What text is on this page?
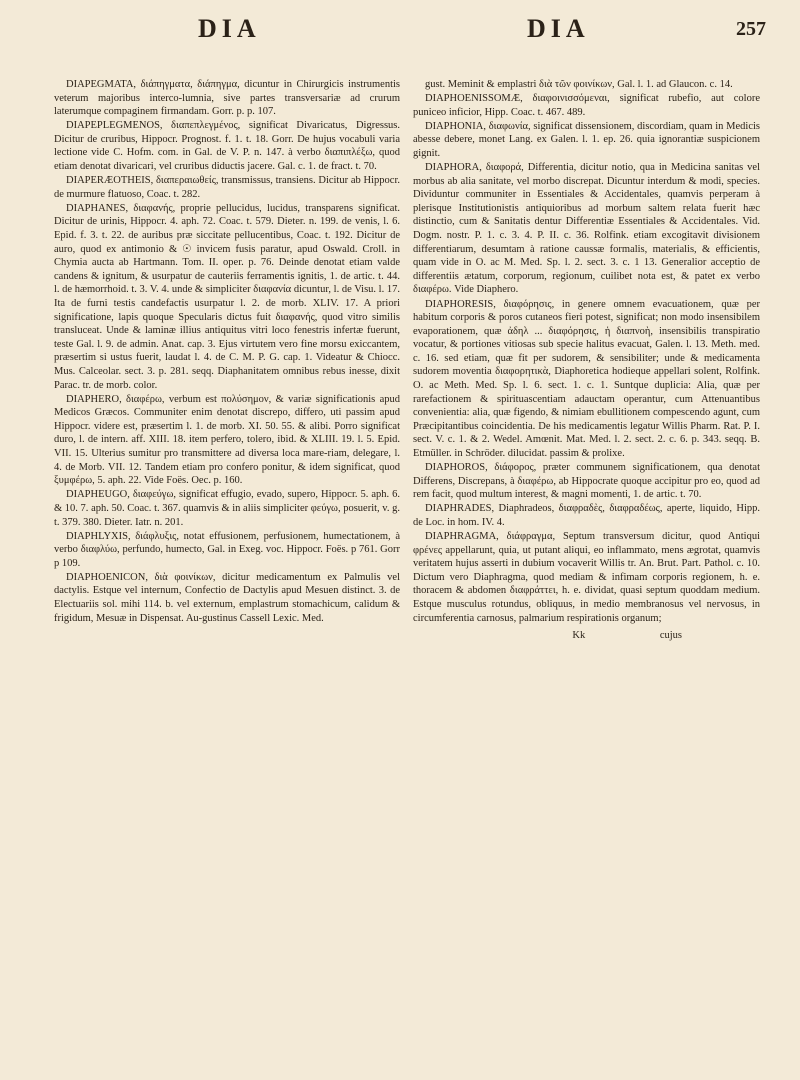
DIA	DIA	257

DIAPEGMATA, διάπηγματα, διάπηγμα, dicuntur in Chirurgicis instrumentis veterum majoribus interco-lumnia, sive partes transversariæ ad crurum laterumque compaginem firmandam. Gorr. p. p. 107.

DIAPEPLEGMENOS, διαπεπλεγμένος, significat Divaricatus, Digressus. Dicitur de cruribus, Hippocr. Prognost. f. 1. t. 18. Gorr. De hujus vocabuli varia lectione vide C. Hofm. com. in Gal. de V. P. n. 147. à verbo διαπιπλέξω, quod etiam denotat divaricari, vel cruribus diductis jacere. Gal. c. 1. de fract. t. 70.

DIAPERÆOTHEIS, διαπεραιωθείς, transmissus, transiens. Dicitur ab Hippocr. de murmure flatuoso, Coac. t. 282.

DIAPHANES, διαφανής, proprie pellucidus, lucidus, transparens significat. Dicitur de urinis, Hippocr. 4. aph. 72. Coac. t. 579. Dieter. n. 199. de venis, l. 6. Epid. f. 3. t. 22. de auribus præ siccitate pellucentibus, Coac. t. 192. Dicitur de auro, quod ex antimonio & ☉ invicem fusis paratur, apud Oswald. Croll. in Chymia aucta ab Hartmann. Tom. II. oper. p. 76. Deinde denotat etiam valde candens & ignitum, & usurpatur de cauteriis ferramentis ignitis, 1. de artic. t. 44. l. de hæmorrhoid. t. 3. V. 4. unde & simpliciter διαφανία dicuntur, l. de Visu. l. 17. Ita de furni testis candefactis usurpatur l. 2. de morb. XLIV. 17. A priori significatione, lapis quoque Specularis dictus fuit διαφανής, quod vitro similis transluceat. Unde & laminæ illius antiquitus vitri loco fenestris infertæ fuerunt, teste Gal. l. 9. de admin. Anat. cap. 3. Ejus virtutem vero fine morsu exiccantem, præsertim si ustus fuerit, laudat l. 4. de C. M. P. G. cap. 1. Videatur & Chiocc. Mus. Calceolar. sect. 3. p. 281. seqq. Diaphanitatem omnibus rebus inesse, dixit Parac. tr. de morb. color.

DIAPHERO, διαφέρω, verbum est πολύσημον, & variæ significationis apud Medicos Græcos. Communiter enim denotat discrepo, differo, uti passim apud Hippocr. videre est, præsertim l. 1. de morb. XI. 50. 55. & alibi. Porro significat duro, l. de intern. aff. XIII. 18. item perfero, tolero, ibid. & XLIII. 19. l. 5. Epid. VII. 15. Ulterius sumitur pro transmittere ad diversa loca mare-riam, delegare, l. 4. de Morb. VII. 12. Tandem etiam pro confero ponitur, & idem significat, quod ξυμφέρω, 5. aph. 22. Vide Foës. Oec. p. 160.

DIAPHEUGO, διαφεύγω, significat effugio, evado, supero, Hippocr. 5. aph. 6. & 10. 7. aph. 50. Coac. t. 367. quamvis & in aliis simpliciter φεύγω, posuerit, v. g. t. 379. 380. Dieter. Iatr. n. 201.

DIAPHLYXIS, διάφλυξις, notat effusionem, perfusionem, humectationem, à verbo διαφλύω, perfundo, humecto, Gal. in Exeg. voc. Hippocr. Foës. p 761. Gorr p 109.

DIAPHOENICON, διὰ φοινίκων, dicitur medicamentum ex Palmulis vel dactylis. Estque vel internum, Confectio de Dactylis apud Mesuen distinct. 3. de Electuariis sol. mihi 114. b. vel externum, emplastrum stomachicum, calidum & frigidum, Mesuæ in Dispensat. Au-gustinus Cassell Lexic. Med.

gust. Meminit & emplastri διὰ τῶν φοινίκων, Gal. l. 1. ad Glaucon. c. 14.

DIAPHOENISSOMÆ, διαφοινισσόμεναι, significat rubefio, aut colore puniceo inficior, Hipp. Coac. t. 467. 489.

DIAPHONIA, διαφωνία, significat dissensionem, discordiam, quam in Medicis abesse debere, monet Lang. ex Galen. l. 1. ep. 26. quia ignorantiæ suspicionem gignit.

DIAPHORA, διαφορά, Differentia, dicitur notio, qua in Medicina sanitas vel morbus ab alia sanitate, vel morbo discrepat. Dicuntur interdum & modi, species. Dividuntur communiter in Essentiales & Accidentales, quamvis perperam à plerisque Institutionistis antiquioribus ad morbum saltem relata fuerit hæc distinctio, cum & Sanitatis dentur Differentiæ Essentiales & Accidentales. Vid. Dogm. nostr. P. 1. c. 3. 4. P. II. c. 36. Rolfink. etiam excogitavit divisionem differentiarum, desumtam à ratione caussæ formalis, materialis, & efficientis, quam vide in O. ac M. Med. Sp. l. 2. sect. 3. c. 1 13. Generalior acceptio de differentiis ætatum, corporum, regionum, cuilibet nota est, & patet ex verbo διαφέρω. Vide Diaphero.

DIAPHORESIS, διαφόρησις, in genere omnem evacuationem, quæ per habitum corporis & poros cutaneos fieri potest, significat; non modo insensibilem evaporationem, quæ ἀδηλ ... διαφόρησις, ἡ διαπνοὴ, insensibilis transpiratio vocatur, & portiones vitiosas sub specie halitus evacuat, Galen. l. 13. Meth. med. c. 16. sed etiam, quæ fit per sudorem, & sensibiliter; unde & medicamenta sudorem moventia διαφορητικὰ, Diaphoretica hodieque appellari solent, Rolfink. O. ac Meth. Med. Sp. l. 6. sect. 1. c. 1. Suntque duplicia: Alia, quæ per rarefactionem & spirituascentiam adauctam operantur, cum Attenuantibus convenientia: alia, quæ figendo, & nimiam ebullitionem compescendo agunt, cum Præcipitantibus coincidentia. De his medicamentis legatur Willis Pharm. Rat. P. I. sect. V. c. 1. & 2. Wedel. Amœnit. Mat. Med. l. 2. sect. 2. c. 6. p. 343. seqq. B. Etmüller. in Schröder. dilucidat. passim & prolixe.

DIAPHOROS, διάφορος, præter communem significationem, qua denotat Differens, Discrepans, à διαφέρω, ab Hippocrate quoque accipitur pro eo, quod ad rem facit, quod multum interest, & magni momenti, 1. de artic. t. 70.

DIAPHRADES, Diaphradeos, διαφραδὲς, διαφραδέως, aperte, liquido, Hipp. de Loc. in hom. IV. 4.

DIAPHRAGMA, διάφραγμα, Septum transversum dicitur, quod Antiqui φρένες appellarunt, quia, ut putant aliqui, eo inflammato, mens ægrotat, quamvis veritatem hujus asserti in dubium vocaverit Willis tr. An. Brut. Part. Pathol. c. 10. Dictum vero Diaphragma, quod mediam & infimam corporis regionem, h. e. thoracem & abdomen διαφράττει, h. e. dividat, quasi septum quoddam medium. Estque musculus rotundus, obliquus, in medio membranosus vel nervosus, in circumferentia carnosus, palmarium respirationis organum;

Kk	cujus
